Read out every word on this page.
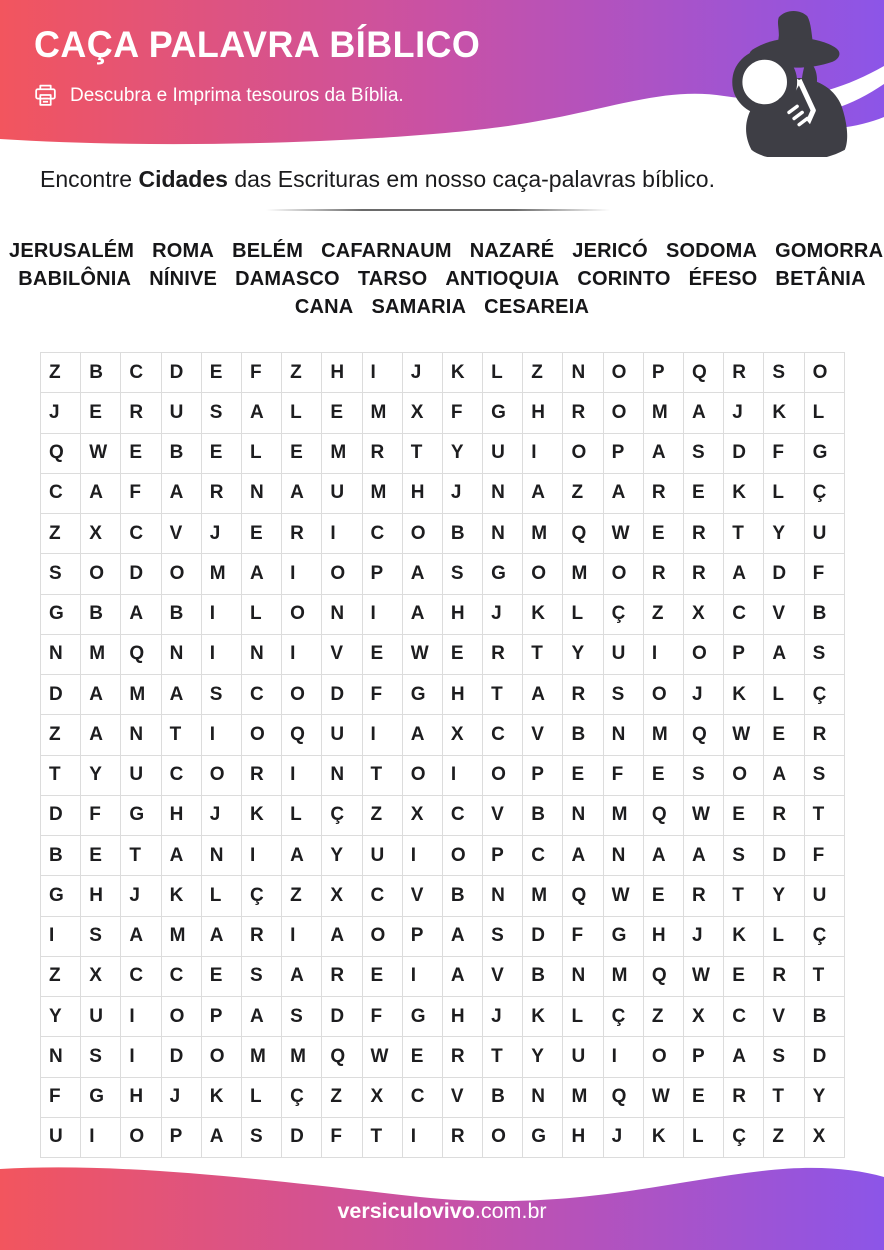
CAÇA PALAVRA BÍBLICO
Descubra e Imprima tesouros da Bíblia.

Encontre Cidades das Escrituras em nosso caça-palavras bíblico.

JERUSALÉM ROMA BELÉM CAFARNAUM NAZARÉ JERICÓ SODOMA GOMORRA
BABILÔNIA NÍNIVE DAMASCO TARSO ANTIOQUIA CORINTO ÉFESO BETÂNIA
CANA SAMARIA CESAREIA
Z	B	C	D	E	F	Z	H	I	J	K	L	Z	N	O	P	Q	R	S	O
J	E	R	U	S	A	L	E	M	X	F	G	H	R	O	M	A	J	K	L
Q	W	E	B	E	L	E	M	R	T	Y	U	I	O	P	A	S	D	F	G
C	A	F	A	R	N	A	U	M	H	J	N	A	Z	A	R	E	K	L	Ç
Z	X	C	V	J	E	R	I	C	O	B	N	M	Q	W	E	R	T	Y	U
S	O	D	O	M	A	I	O	P	A	S	G	O	M	O	R	R	A	D	F
G	B	A	B	I	L	O	N	I	A	H	J	K	L	Ç	Z	X	C	V	B
N	M	Q	N	I	N	I	V	E	W	E	R	T	Y	U	I	O	P	A	S
D	A	M	A	S	C	O	D	F	G	H	T	A	R	S	O	J	K	L	Ç
Z	A	N	T	I	O	Q	U	I	A	X	C	V	B	N	M	Q	W	E	R
T	Y	U	C	O	R	I	N	T	O	I	O	P	E	F	E	S	O	A	S
D	F	G	H	J	K	L	Ç	Z	X	C	V	B	N	M	Q	W	E	R	T
B	E	T	A	N	I	A	Y	U	I	O	P	C	A	N	A	A	S	D	F
G	H	J	K	L	Ç	Z	X	C	V	B	N	M	Q	W	E	R	T	Y	U
I	S	A	M	A	R	I	A	O	P	A	S	D	F	G	H	J	K	L	Ç
Z	X	C	C	E	S	A	R	E	I	A	V	B	N	M	Q	W	E	R	T
Y	U	I	O	P	A	S	D	F	G	H	J	K	L	Ç	Z	X	C	V	B
N	S	I	D	O	M	M	Q	W	E	R	T	Y	U	I	O	P	A	S	D
F	G	H	J	K	L	Ç	Z	X	C	V	B	N	M	Q	W	E	R	T	Y
U	I	O	P	A	S	D	F	T	I	R	O	G	H	J	K	L	Ç	Z	X
versiculovivo.com.br
